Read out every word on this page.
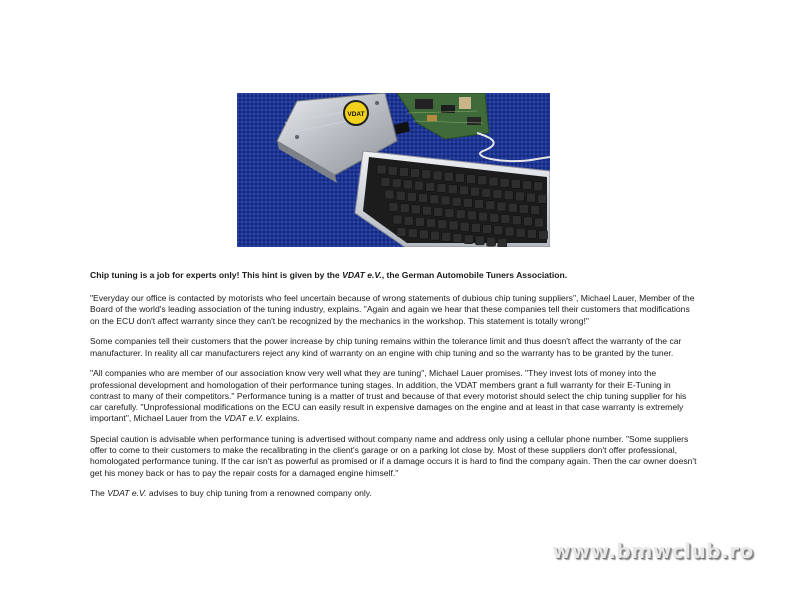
VDAT

Chip tuning is a job for experts only! This hint is given by the VDAT e.V., the German Automobile Tuners Association.

"Everyday our office is contacted by motorists who feel uncertain because of wrong statements of dubious chip tuning suppliers", Michael Lauer, Member of the Board of the world's leading association of the tuning industry, explains. "Again and again we hear that these companies tell their customers that modifications on the ECU don't affect warranty since they can't be recognized by the mechanics in the workshop. This statement is totally wrong!"

Some companies tell their customers that the power increase by chip tuning remains within the tolerance limit and thus doesn't affect the warranty of the car manufacturer. In reality all car manufacturers reject any kind of warranty on an engine with chip tuning and so the warranty has to be granted by the tuner.

"All companies who are member of our association know very well what they are tuning", Michael Lauer promises. "They invest lots of money into the professional development and homologation of their performance tuning stages. In addition, the VDAT members grant a full warranty for their E-Tuning in contrast to many of their competitors." Performance tuning is a matter of trust and because of that every motorist should select the chip tuning supplier for his car carefully. "Unprofessional modifications on the ECU can easily result in expensive damages on the engine and at least in that case warranty is extremely important", Michael Lauer from the VDAT e.V. explains.

Special caution is advisable when performance tuning is advertised without company name and address only using a cellular phone number. "Some suppliers offer to come to their customers to make the recalibrating in the client's garage or on a parking lot close by. Most of these suppliers don't offer professional, homologated performance tuning. If the car isn't as powerful as promised or if a damage occurs it is hard to find the company again. Then the car owner doesn't get his money back or has to pay the repair costs for a damaged engine himself."

The VDAT e.V. advises to buy chip tuning from a renowned company only.

www.bmwclub.ro
